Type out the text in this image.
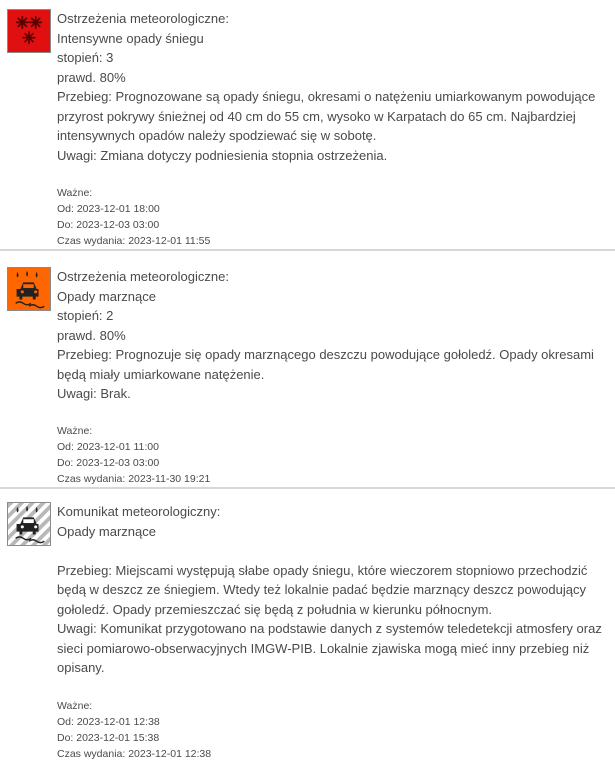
Ostrzeżenia meteorologiczne:
Intensywne opady śniegu
stopień: 3
prawd. 80%
Przebieg: Prognozowane są opady śniegu, okresami o natężeniu umiarkowanym powodujące przyrost pokrywy śnieżnej od 40 cm do 55 cm, wysoko w Karpatach do 65 cm. Najbardziej intensywnych opadów należy spodziewać się w sobotę.
Uwagi: Zmiana dotyczy podniesienia stopnia ostrzeżenia.
Ważne:
Od: 2023-12-01 18:00
Do: 2023-12-03 03:00
Czas wydania: 2023-12-01 11:55
Ostrzeżenia meteorologiczne:
Opady marznące
stopień: 2
prawd. 80%
Przebieg: Prognozuje się opady marznącego deszczu powodujące gołoledź. Opady okresami będą miały umiarkowane natężenie.
Uwagi: Brak.
Ważne:
Od: 2023-12-01 11:00
Do: 2023-12-03 03:00
Czas wydania: 2023-11-30 19:21
Komunikat meteorologiczny:
Opady marznące
Przebieg: Miejscami występują słabe opady śniegu, które wieczorem stopniowo przechodzić będą w deszcz ze śniegiem. Wtedy też lokalnie padać będzie marznący deszcz powodujący gołoledź. Opady przemieszczać się będą z południa w kierunku północnym.
Uwagi: Komunikat przygotowano na podstawie danych z systemów teledetekcji atmosfery oraz sieci pomiarowo-obserwacyjnych IMGW-PIB. Lokalnie zjawiska mogą mieć inny przebieg niż opisany.
Ważne:
Od: 2023-12-01 12:38
Do: 2023-12-01 15:38
Czas wydania: 2023-12-01 12:38
